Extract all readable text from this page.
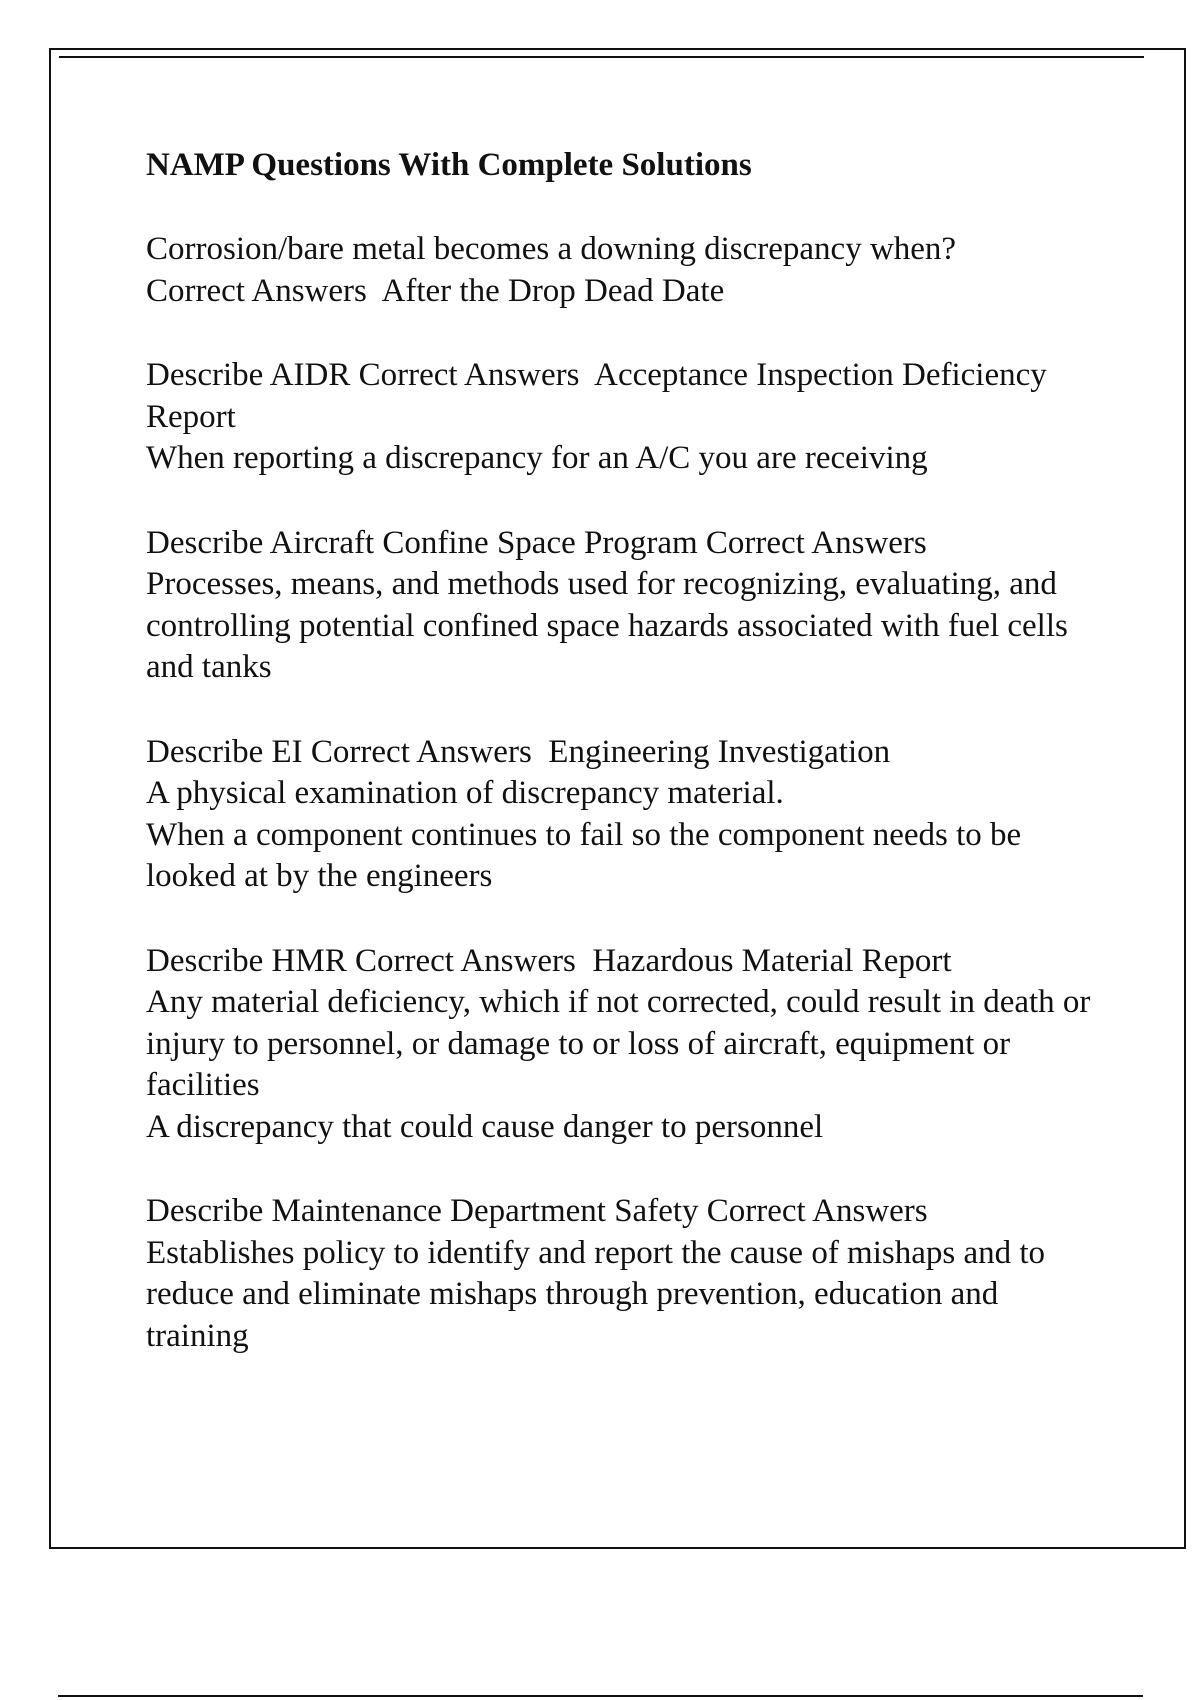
NAMP Questions With Complete Solutions
Corrosion/bare metal becomes a downing discrepancy when?
Correct Answers  After the Drop Dead Date
Describe AIDR Correct Answers  Acceptance Inspection Deficiency Report
When reporting a discrepancy for an A/C you are receiving
Describe Aircraft Confine Space Program Correct Answers
Processes, means, and methods used for recognizing, evaluating, and controlling potential confined space hazards associated with fuel cells and tanks
Describe EI Correct Answers  Engineering Investigation
A physical examination of discrepancy material.
When a component continues to fail so the component needs to be looked at by the engineers
Describe HMR Correct Answers  Hazardous Material Report
Any material deficiency, which if not corrected, could result in death or injury to personnel, or damage to or loss of aircraft, equipment or facilities
A discrepancy that could cause danger to personnel
Describe Maintenance Department Safety Correct Answers
Establishes policy to identify and report the cause of mishaps and to reduce and eliminate mishaps through prevention, education and training
